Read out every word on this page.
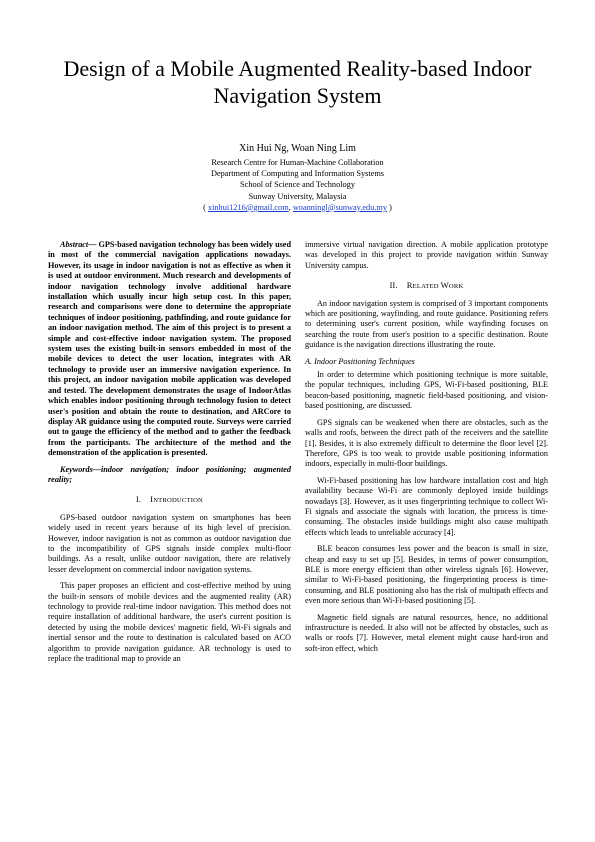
Design of a Mobile Augmented Reality-based Indoor Navigation System
Xin Hui Ng, Woan Ning Lim
Research Centre for Human-Machine Collaboration
Department of Computing and Information Systems
School of Science and Technology
Sunway University, Malaysia
( xinhui1216@gmail.com, woanningl@sunway.edu.my )

Abstract— GPS-based navigation technology has been widely used in most of the commercial navigation applications nowadays. However, its usage in indoor navigation is not as effective as when it is used at outdoor environment. Much research and developments of indoor navigation technology involve additional hardware installation which usually incur high setup cost. In this paper, research and comparisons were done to determine the appropriate techniques of indoor positioning, pathfinding, and route guidance for an indoor navigation method. The aim of this project is to present a simple and cost-effective indoor navigation system. The proposed system uses the existing built-in sensors embedded in most of the mobile devices to detect the user location, integrates with AR technology to provide user an immersive navigation experience. In this project, an indoor navigation mobile application was developed and tested. The development demonstrates the usage of IndoorAtlas which enables indoor positioning through technology fusion to detect user's position and obtain the route to destination, and ARCore to display AR guidance using the computed route. Surveys were carried out to gauge the efficiency of the method and to gather the feedback from the participants. The architecture of the method and the demonstration of the application is presented.

Keywords—indoor navigation; indoor positioning; augmented reality;

I. INTRODUCTION

GPS-based outdoor navigation system on smartphones has been widely used in recent years because of its high level of precision. However, indoor navigation is not as common as outdoor navigation due to the incompatibility of GPS signals inside complex multi-floor buildings. As a result, unlike outdoor navigation, there are relatively lesser development on commercial indoor navigation systems.

This paper proposes an efficient and cost-effective method by using the built-in sensors of mobile devices and the augmented reality (AR) technology to provide real-time indoor navigation. This method does not require installation of additional hardware, the user's current position is detected by using the mobile devices' magnetic field, Wi-Fi signals and inertial sensor and the route to destination is calculated based on ACO algorithm to provide navigation guidance. AR technology is used to replace the traditional map to provide an

immersive virtual navigation direction. A mobile application prototype was developed in this project to provide navigation within Sunway University campus.

II. RELATED WORK

An indoor navigation system is comprised of 3 important components which are positioning, wayfinding, and route guidance. Positioning refers to determining user's current position, while wayfinding focuses on searching the route from user's position to a specific destination. Route guidance is the navigation directions illustrating the route.

A. Indoor Positioning Techniques

In order to determine which positioning technique is more suitable, the popular techniques, including GPS, Wi-Fi-based positioning, BLE beacon-based positioning, magnetic field-based positioning, and vision-based positioning, are discussed.

GPS signals can be weakened when there are obstacles, such as the walls and roofs, between the direct path of the receivers and the satellite [1]. Besides, it is also extremely difficult to determine the floor level [2]. Therefore, GPS is too weak to provide usable positioning information indoors, especially in multi-floor buildings.

Wi-Fi-based positioning has low hardware installation cost and high availability because Wi-Fi are commonly deployed inside buildings nowadays [3]. However, as it uses fingerprinting technique to collect Wi-Fi signals and associate the signals with location, the process is time-consuming. The obstacles inside buildings might also cause multipath effects which leads to unreliable accuracy [4].

BLE beacon consumes less power and the beacon is small in size, cheap and easy to set up [5]. Besides, in terms of power consumption, BLE is more energy efficient than other wireless signals [6]. However, similar to Wi-Fi-based positioning, the fingerprinting process is time-consuming, and BLE positioning also has the risk of multipath effects and even more serious than Wi-Fi-based positioning [5].

Magnetic field signals are natural resources, hence, no additional infrastructure is needed. It also will not be affected by obstacles, such as walls or roofs [7]. However, metal element might cause hard-iron and soft-iron effect, which
